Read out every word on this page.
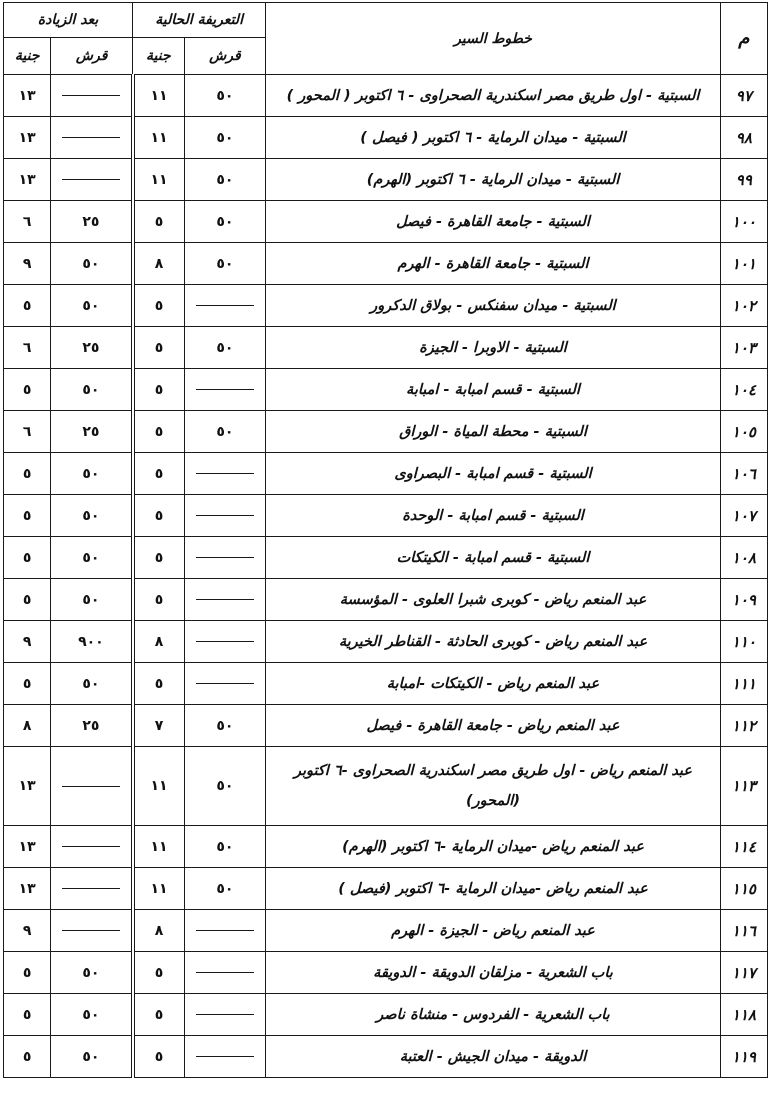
م	خطوط السير	التعريفة الحالية		بعد الزيادة	
		قرش	جنية	قرش	جنية
٩٧	السبتية - اول طريق مصر اسكندرية الصحراوى - ٦ اكتوبر ( المحور )	٥٠	١١		١٣
٩٨	السبتية - ميدان الرماية - ٦ اكتوبر ( فيصل )	٥٠	١١		١٣
٩٩	السبتية - ميدان الرماية - ٦ اكتوبر (الهرم)	٥٠	١١		١٣
١٠٠	السبتية - جامعة القاهرة - فيصل	٥٠	٥	٢٥	٦
١٠١	السبتية - جامعة القاهرة - الهرم	٥٠	٨	٥٠	٩
١٠٢	السبتية - ميدان سفنكس - بولاق الدكرور		٥	٥٠	٥
١٠٣	السبتية - الاوبرا - الجيزة	٥٠	٥	٢٥	٦
١٠٤	السبتية - قسم امبابة - امبابة		٥	٥٠	٥
١٠٥	السبتية - محطة المياة - الوراق	٥٠	٥	٢٥	٦
١٠٦	السبتية - قسم امبابة - البصراوى		٥	٥٠	٥
١٠٧	السبتية - قسم امبابة - الوحدة		٥	٥٠	٥
١٠٨	السبتية - قسم امبابة - الكيتكات		٥	٥٠	٥
١٠٩	عبد المنعم رياض - كوبرى شبرا العلوى - المؤسسة		٥	٥٠	٥
١١٠	عبد المنعم رياض - كوبرى الحادثة - القناطر الخيرية		٨	٩٠٠	٩
١١١	عبد المنعم رياض - الكيتكات -امبابة		٥	٥٠	٥
١١٢	عبد المنعم رياض - جامعة القاهرة - فيصل	٥٠	٧	٢٥	٨
١١٣	عبد المنعم رياض - اول طريق مصر اسكندرية الصحراوى -٦ اكتوبر (المحور)	٥٠	١١		١٣
١١٤	عبد المنعم رياض -ميدان الرماية -٦ اكتوبر (الهرم)	٥٠	١١		١٣
١١٥	عبد المنعم رياض -ميدان الرماية -٦ اكتوبر (فيصل )	٥٠	١١		١٣
١١٦	عبد المنعم رياض - الجيزة - الهرم		٨		٩
١١٧	باب الشعرية - مزلقان الدويقة - الدويقة		٥	٥٠	٥
١١٨	باب الشعرية - الفردوس - منشاة ناصر		٥	٥٠	٥
١١٩	الدويقة - ميدان الجيش - العتبة		٥	٥٠	٥
